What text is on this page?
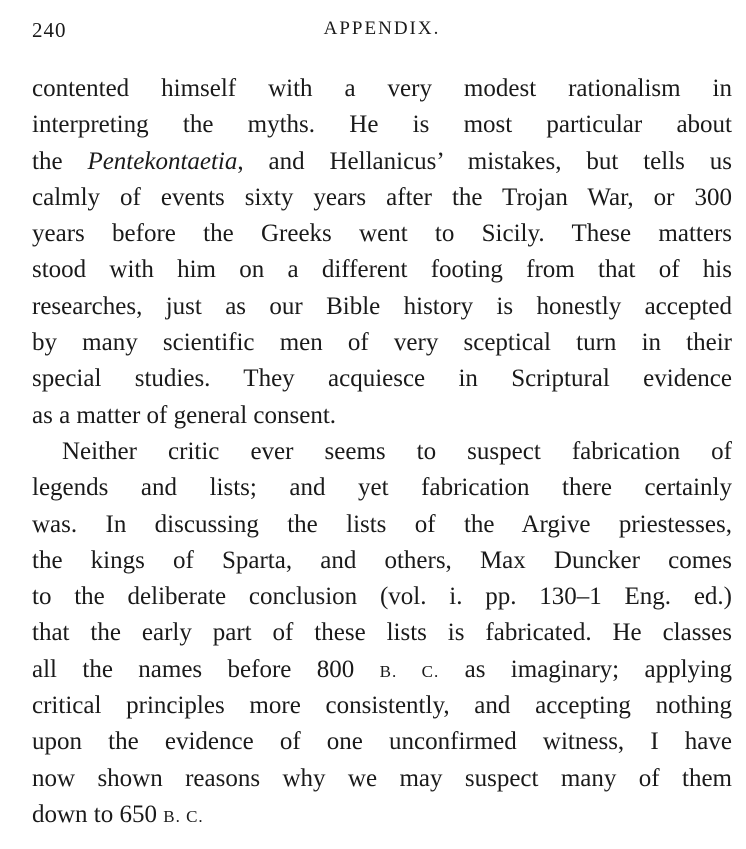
240	APPENDIX.
contented himself with a very modest rationalism in
interpreting the myths. He is most particular about
the Pentekontaetia, and Hellanicus’ mistakes, but tells us
calmly of events sixty years after the Trojan War, or 300
years before the Greeks went to Sicily. These matters
stood with him on a different footing from that of his
researches, just as our Bible history is honestly accepted
by many scientific men of very sceptical turn in their
special studies. They acquiesce in Scriptural evidence
as a matter of general consent.
Neither critic ever seems to suspect fabrication of
legends and lists; and yet fabrication there certainly
was. In discussing the lists of the Argive priestesses,
the kings of Sparta, and others, Max Duncker comes
to the deliberate conclusion (vol. i. pp. 130–1 Eng. ed.)
that the early part of these lists is fabricated. He classes
all the names before 800 B. C. as imaginary; applying
critical principles more consistently, and accepting nothing
upon the evidence of one unconfirmed witness, I have
now shown reasons why we may suspect many of them
down to 650 B. C.
